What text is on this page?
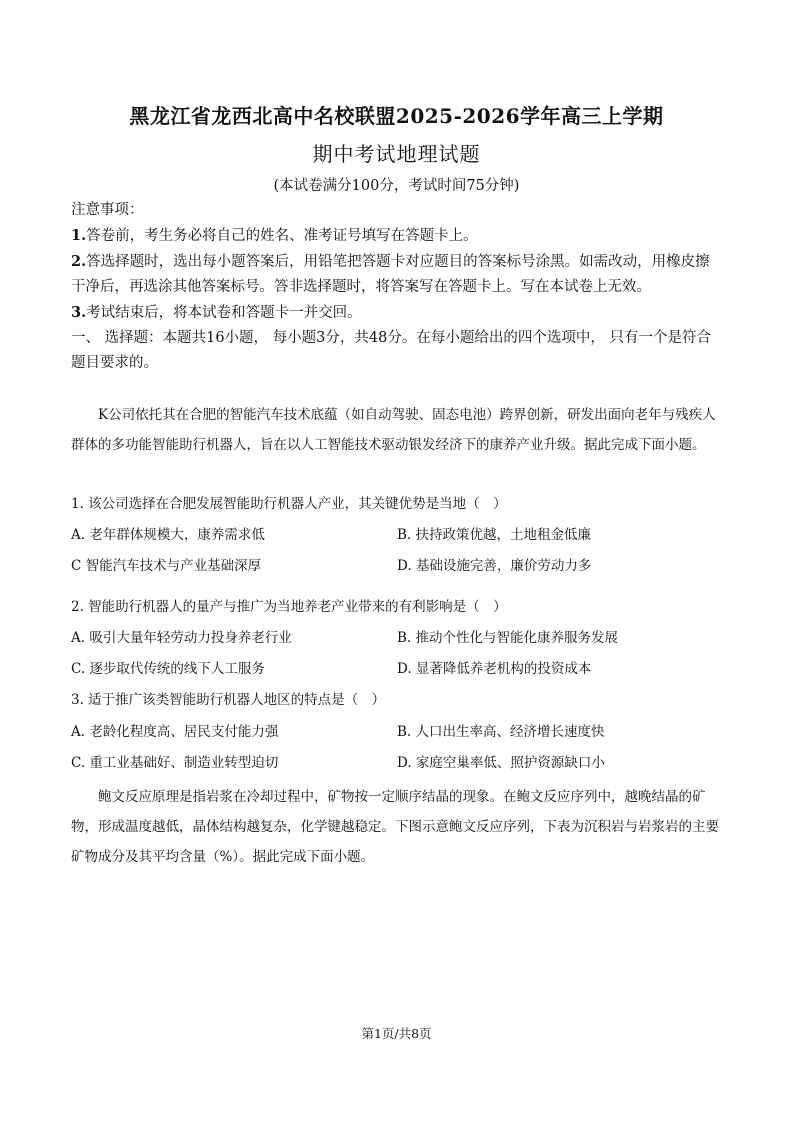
黑龙江省龙西北高中名校联盟2025-2026学年高三上学期
期中考试地理试题
(本试卷满分100分，考试时间75分钟)

注意事项：

1.答卷前，考生务必将自己的姓名、准考证号填写在答题卡上。

2.答选择题时，选出每小题答案后，用铅笔把答题卡对应题目的答案标号涂黑。如需改动，用橡皮擦干净后，再选涂其他答案标号。答非选择题时，将答案写在答题卡上。写在本试卷上无效。

3.考试结束后，将本试卷和答题卡一并交回。

一、 选择题：本题共16小题， 每小题3分，共48分。在每小题给出的四个选项中， 只有一个是符合题目要求的。

K公司依托其在合肥的智能汽车技术底蕴（如自动驾驶、固态电池）跨界创新，研发出面向老年与残疾人群体的多功能智能助行机器人，旨在以人工智能技术驱动银发经济下的康养产业升级。据此完成下面小题。

1. 该公司选择在合肥发展智能助行机器人产业，其关键优势是当地（　）
A. 老年群体规模大，康养需求低	B. 扶持政策优越，土地租金低廉
C 智能汽车技术与产业基础深厚	D. 基础设施完善，廉价劳动力多
2. 智能助行机器人的量产与推广为当地养老产业带来的有利影响是（　）
A. 吸引大量年轻劳动力投身养老行业	B. 推动个性化与智能化康养服务发展
C. 逐步取代传统的线下人工服务	D. 显著降低养老机构的投资成本
3. 适于推广该类智能助行机器人地区的特点是（　）
A. 老龄化程度高、居民支付能力强	B. 人口出生率高、经济增长速度快
C. 重工业基础好、制造业转型迫切	D. 家庭空巢率低、照护资源缺口小

鲍文反应原理是指岩浆在冷却过程中，矿物按一定顺序结晶的现象。在鲍文反应序列中，越晚结晶的矿物，形成温度越低，晶体结构越复杂，化学键越稳定。下图示意鲍文反应序列，下表为沉积岩与岩浆岩的主要矿物成分及其平均含量（%）。据此完成下面小题。

第1页/共8页
